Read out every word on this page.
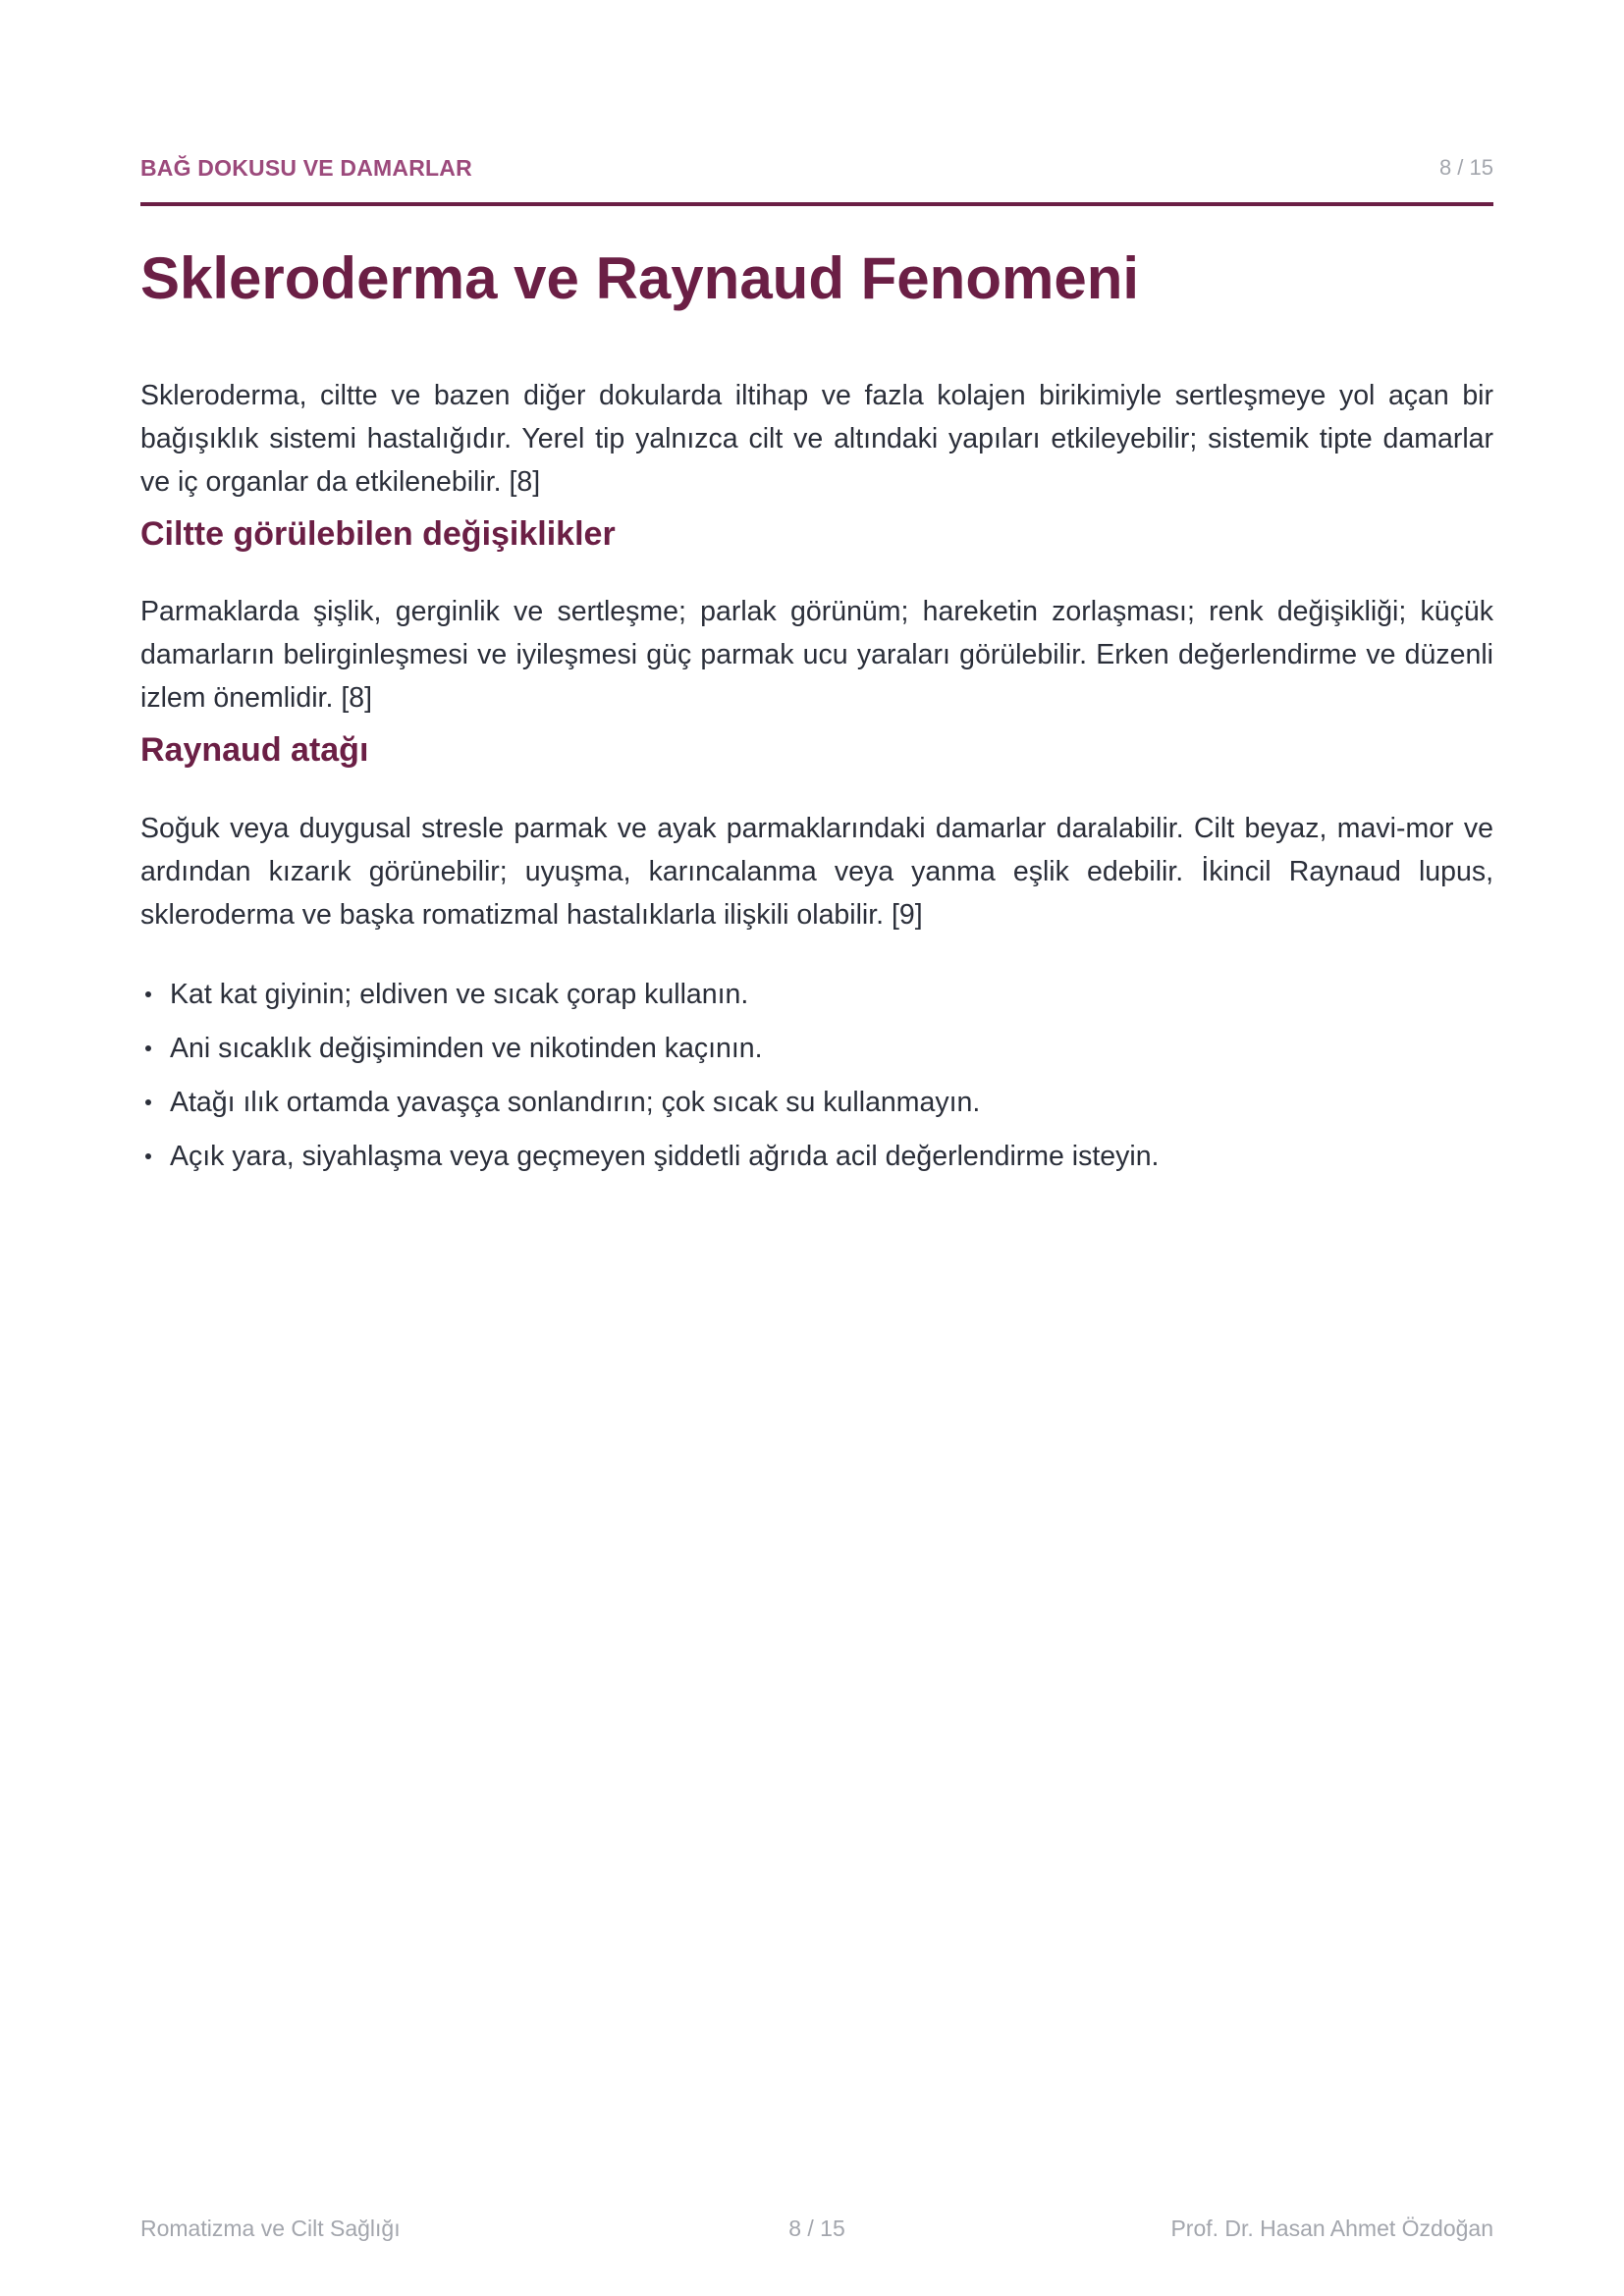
BAĞ DOKUSU VE DAMARLAR	8 / 15
Skleroderma ve Raynaud Fenomeni

Skleroderma, ciltte ve bazen diğer dokularda iltihap ve fazla kolajen birikimiyle sertleşmeye yol açan bir bağışıklık sistemi hastalığıdır. Yerel tip yalnızca cilt ve altındaki yapıları etkileyebilir; sistemik tipte damarlar ve iç organlar da etkilenebilir. [8]

Ciltte görülebilen değişiklikler

Parmaklarda şişlik, gerginlik ve sertleşme; parlak görünüm; hareketin zorlaşması; renk değişikliği; küçük damarların belirginleşmesi ve iyileşmesi güç parmak ucu yaraları görülebilir. Erken değerlendirme ve düzenli izlem önemlidir. [8]

Raynaud atağı

Soğuk veya duygusal stresle parmak ve ayak parmaklarındaki damarlar daralabilir. Cilt beyaz, mavi-mor ve ardından kızarık görünebilir; uyuşma, karıncalanma veya yanma eşlik edebilir. İkincil Raynaud lupus, skleroderma ve başka romatizmal hastalıklarla ilişkili olabilir. [9]

Kat kat giyinin; eldiven ve sıcak çorap kullanın.
Ani sıcaklık değişiminden ve nikotinden kaçının.
Atağı ılık ortamda yavaşça sonlandırın; çok sıcak su kullanmayın.
Açık yara, siyahlaşma veya geçmeyen şiddetli ağrıda acil değerlendirme isteyin.
Romatizma ve Cilt Sağlığı	8 / 15	Prof. Dr. Hasan Ahmet Özdoğan
